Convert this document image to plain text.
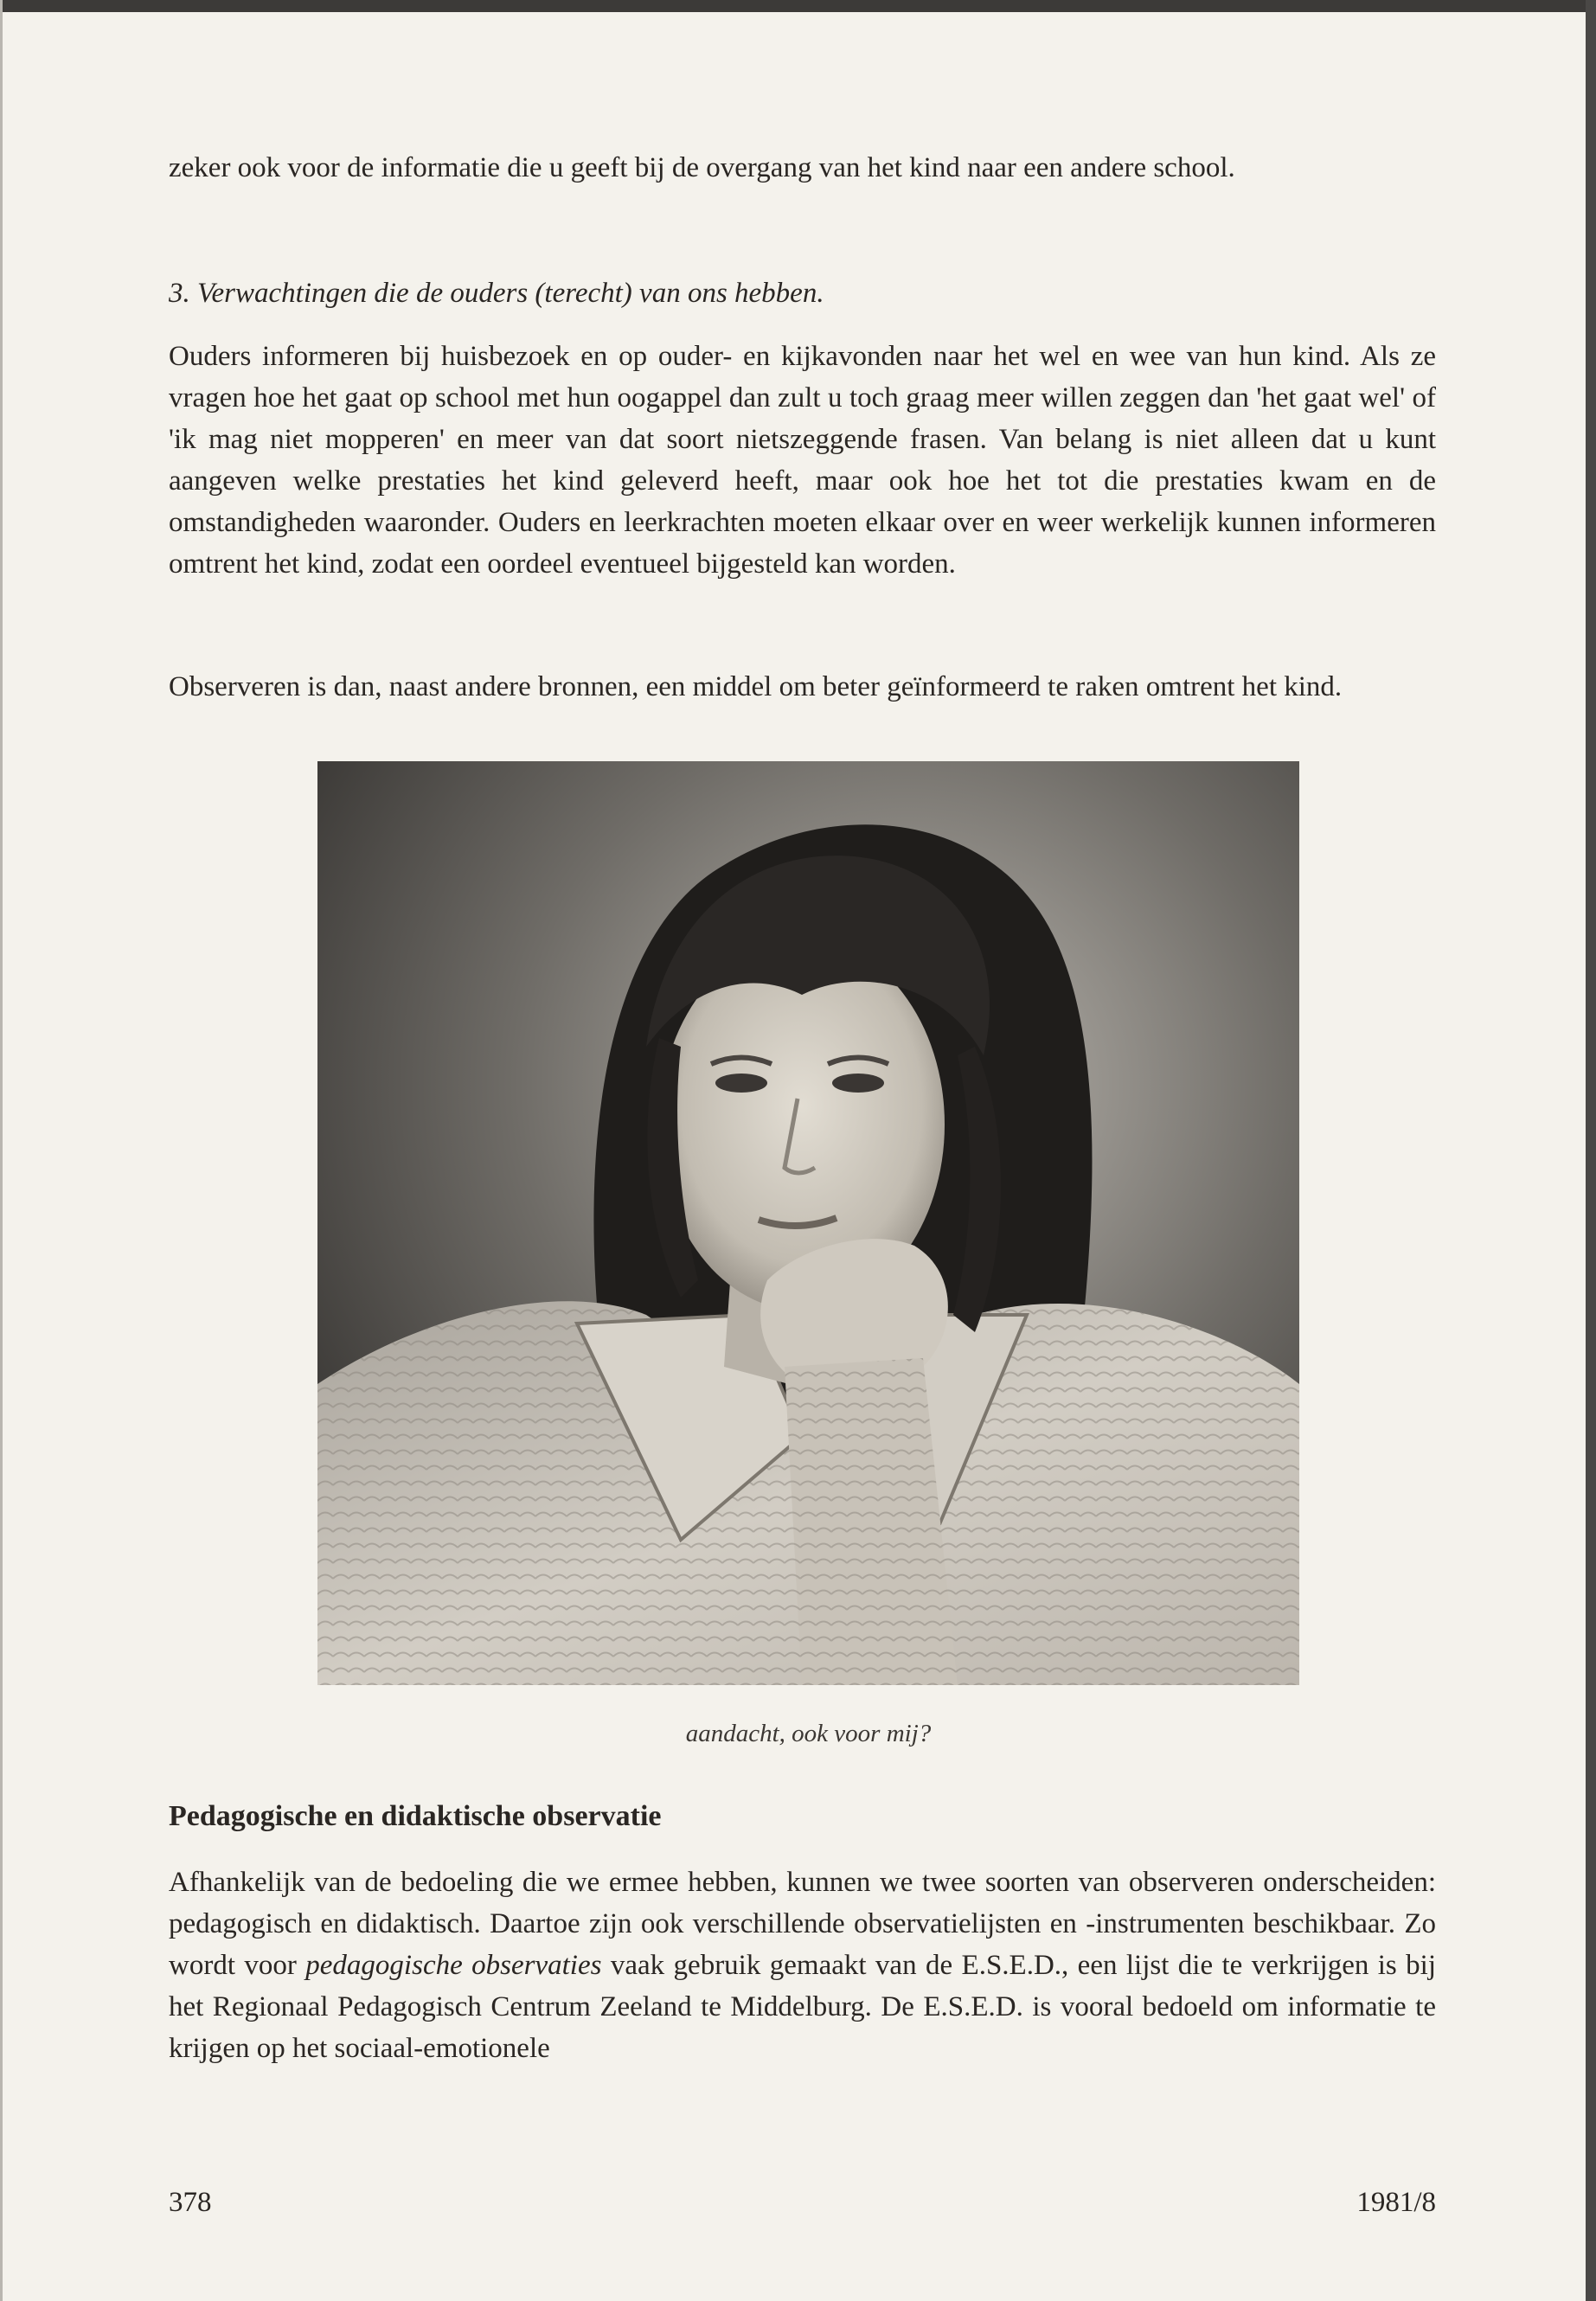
zeker ook voor de informatie die u geeft bij de overgang van het kind naar een andere school.

3. Verwachtingen die de ouders (terecht) van ons hebben.

Ouders informeren bij huisbezoek en op ouder- en kijkavonden naar het wel en wee van hun kind. Als ze vragen hoe het gaat op school met hun oogappel dan zult u toch graag meer willen zeggen dan 'het gaat wel' of 'ik mag niet mopperen' en meer van dat soort nietszeggende frasen. Van belang is niet alleen dat u kunt aangeven welke prestaties het kind geleverd heeft, maar ook hoe het tot die prestaties kwam en de omstandigheden waaronder. Ouders en leerkrachten moeten elkaar over en weer werkelijk kunnen informeren omtrent het kind, zodat een oordeel eventueel bijgesteld kan worden.

Observeren is dan, naast andere bronnen, een middel om beter geïnformeerd te raken omtrent het kind.

aandacht, ook voor mij?
Pedagogische en didaktische observatie

Afhankelijk van de bedoeling die we ermee hebben, kunnen we twee soorten van observeren onderscheiden: pedagogisch en didaktisch. Daartoe zijn ook verschillende observatielijsten en -instrumenten beschikbaar. Zo wordt voor pedagogische observaties vaak gebruik gemaakt van de E.S.E.D., een lijst die te verkrijgen is bij het Regionaal Pedagogisch Centrum Zeeland te Middelburg. De E.S.E.D. is vooral bedoeld om informatie te krijgen op het sociaal-emotionele

378	1981/8
